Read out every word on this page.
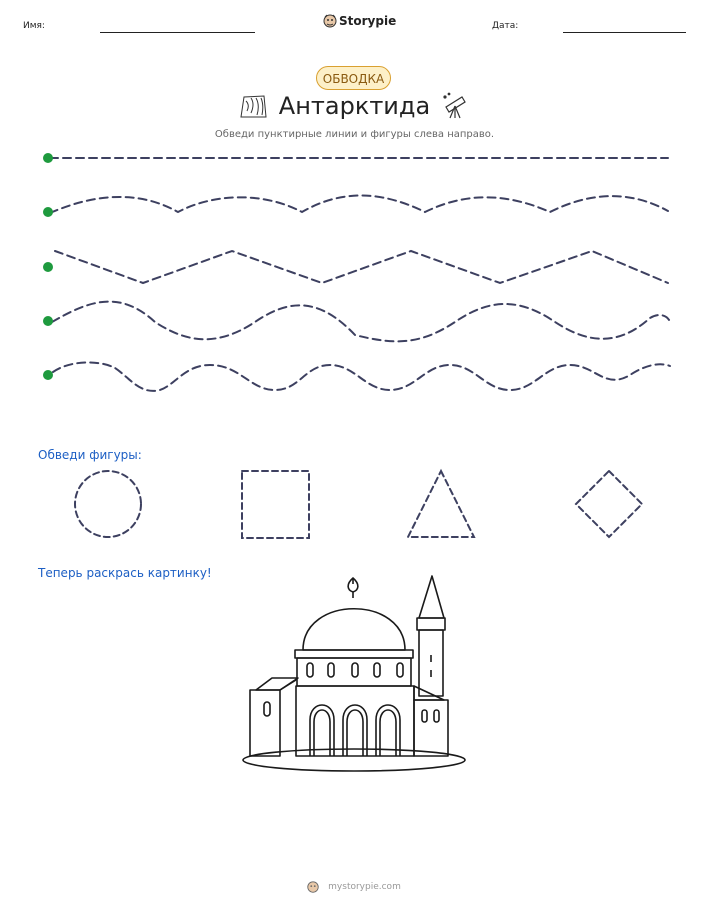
Имя:	Storypie	Дата:
ОБВОДКА
Антарктида
Обведи пунктирные линии и фигуры слева направо.
Обведи фигуры:
Теперь раскрась картинку!
mystorypie.com
